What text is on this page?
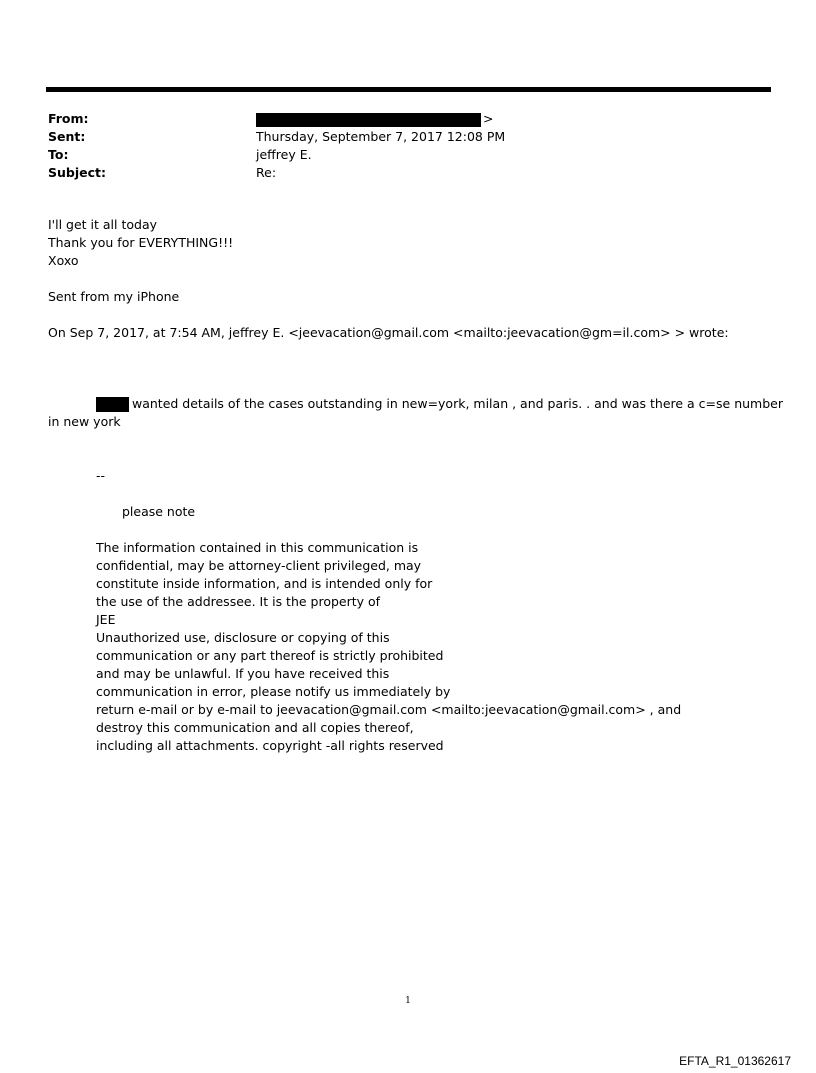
From:	>
Sent:	Thursday, September 7, 2017 12:08 PM
To:	jeffrey E.
Subject:	Re:
I'll get it all today
Thank you for EVERYTHING!!!
Xoxo
Sent from my iPhone
On Sep 7, 2017, at 7:54 AM, jeffrey E. <jeevacation@gmail.com <mailto:jeevacation@gm=il.com> > wrote:
wanted details of the cases outstanding in new=york, milan , and paris. . and was there a c=se number
in new york
--
please note
The information contained in this communication is
confidential, may be attorney-client privileged, may
constitute inside information, and is intended only for
the use of the addressee. It is the property of
JEE
Unauthorized use, disclosure or copying of this
communication or any part thereof is strictly prohibited
and may be unlawful. If you have received this
communication in error, please notify us immediately by
return e-mail or by e-mail to jeevacation@gmail.com <mailto:jeevacation@gmail.com> , and
destroy this communication and all copies thereof,
including all attachments. copyright -all rights reserved
1
EFTA_R1_01362617
